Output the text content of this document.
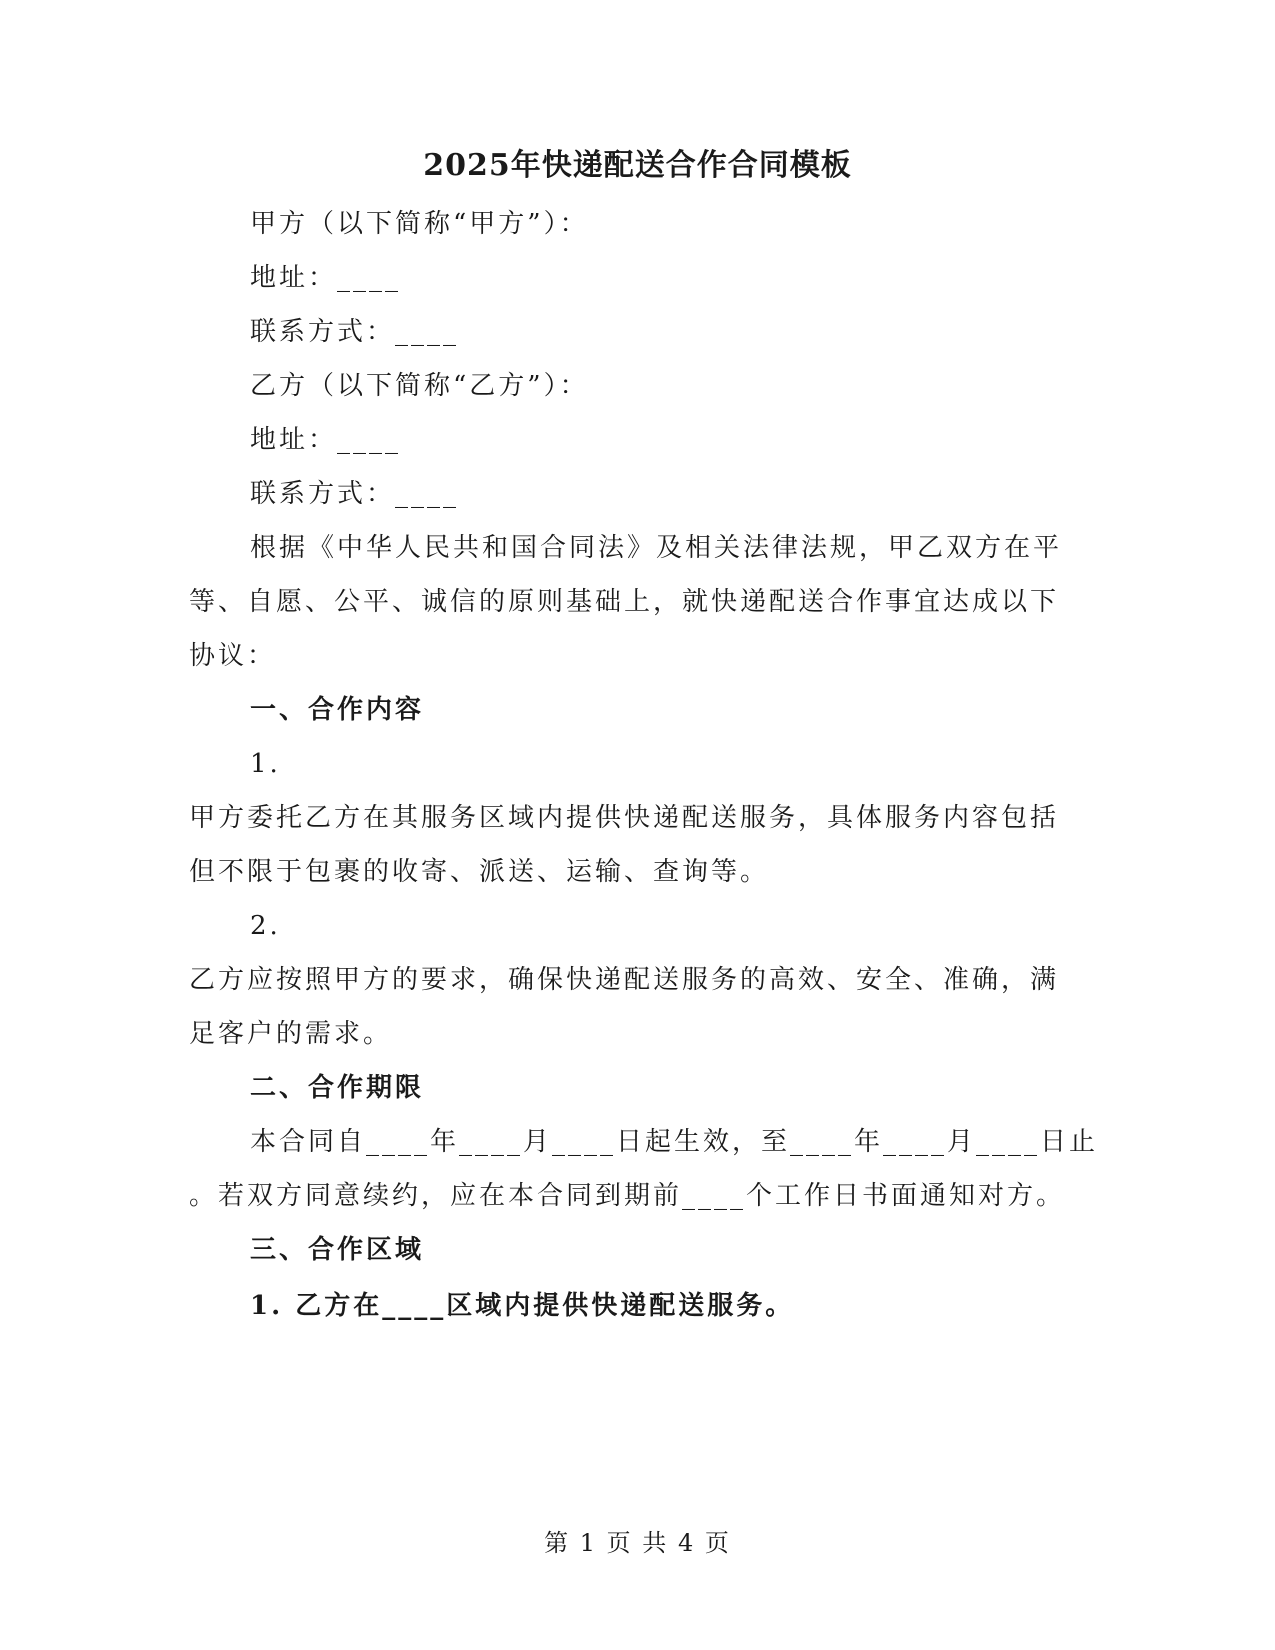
2025年快递配送合作合同模板
甲方（以下简称“甲方”）：
地址：____
联系方式：____
乙方（以下简称“乙方”）：
地址：____
联系方式：____
根据《中华人民共和国合同法》及相关法律法规，甲乙双方在平
等、自愿、公平、诚信的原则基础上，就快递配送合作事宜达成以下
协议：
一、合作内容
1.
甲方委托乙方在其服务区域内提供快递配送服务，具体服务内容包括
但不限于包裹的收寄、派送、运输、查询等。
2.
乙方应按照甲方的要求，确保快递配送服务的高效、安全、准确，满
足客户的需求。
二、合作期限
本合同自____年____月____日起生效，至____年____月____日止
。若双方同意续约，应在本合同到期前____个工作日书面通知对方。
三、合作区域
1. 乙方在____区域内提供快递配送服务。
第 1 页 共 4 页
